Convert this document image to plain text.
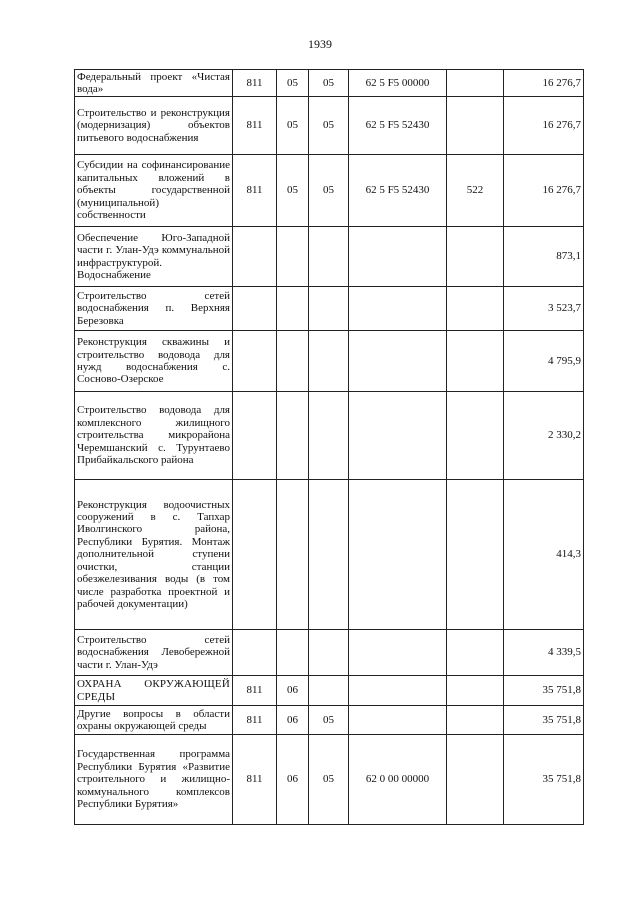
1939
Федеральный проект «Чистая вода»	811	05	05	62 5 F5 00000		16 276,7
Строительство и реконструкция (модернизация) объектов питьевого водоснабжения	811	05	05	62 5 F5 52430		16 276,7
Субсидии на софинансирование капитальных вложений в объекты государственной (муниципальной) собственности	811	05	05	62 5 F5 52430	522	16 276,7
Обеспечение Юго-Западной части г. Улан-Удэ коммунальной инфраструктурой. Водоснабжение						873,1
Строительство сетей водоснабжения п. Верхняя Березовка						3 523,7
Реконструкция скважины и строительство водовода для нужд водоснабжения с. Сосново-Озерское						4 795,9
Строительство водовода для комплексного жилищного строительства микрорайона Черемшанский с. Турунтаево Прибайкальского района						2 330,2
Реконструкция водоочистных сооружений в с. Тапхар Иволгинского района, Республики Бурятия. Монтаж дополнительной ступени очистки, станции обезжелезивания воды (в том числе разработка проектной и рабочей документации)						414,3
Строительство сетей водоснабжения Левобережной части г. Улан-Удэ						4 339,5
ОХРАНА ОКРУЖАЮЩЕЙ СРЕДЫ	811	06				35 751,8
Другие вопросы в области охраны окружающей среды	811	06	05			35 751,8
Государственная программа Республики Бурятия «Развитие строительного и жилищно-коммунального комплексов Республики Бурятия»	811	06	05	62 0 00 00000		35 751,8
